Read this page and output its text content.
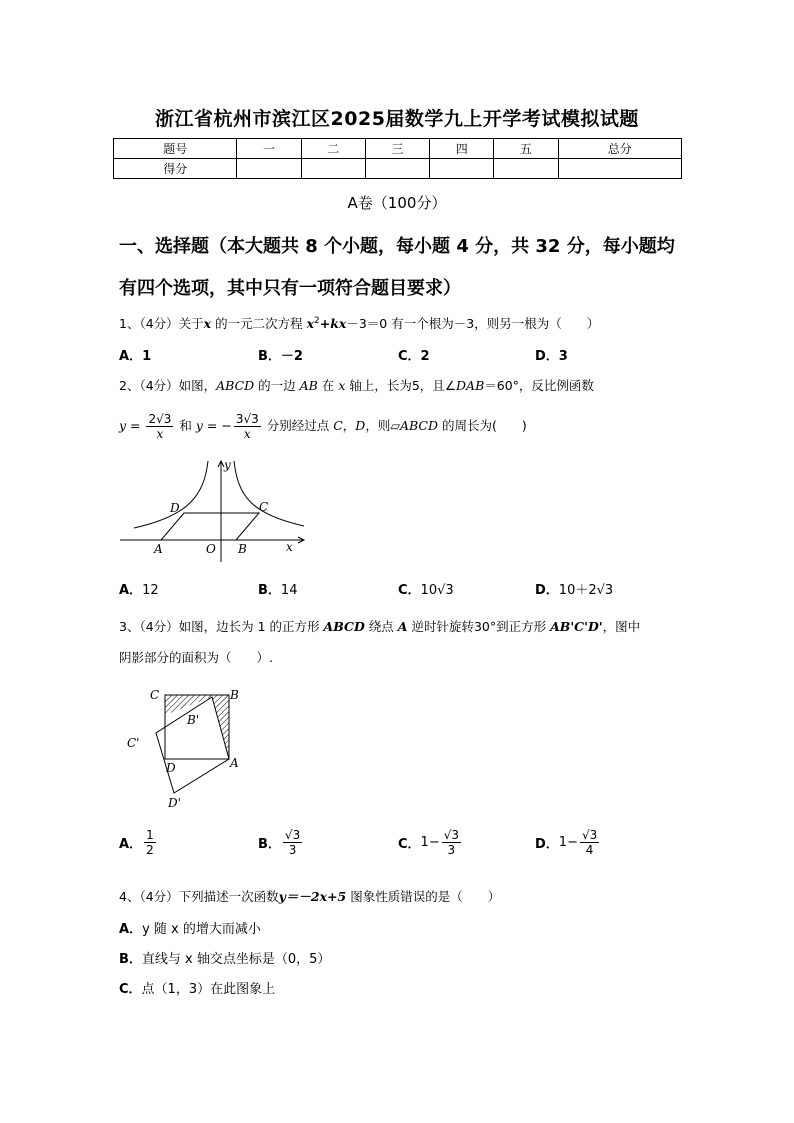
浙江省杭州市滨江区2025届数学九上开学考试模拟试题
题号	一	二	三	四	五	总分
得分						
A卷（100分）
一、选择题（本大题共 8 个小题，每小题 4 分，共 32 分，每小题均
有四个选项，其中只有一项符合题目要求）
1、（4分）关于x 的一元二次方程 $x^2+kx-3=0$ 有一个根为－3，则另一根为（　　）
A．1	B．－2	C．2	D．3
2、（4分）如图，ABCD 的一边 AB 在 x 轴上，长为5，且∠DAB＝60°，反比例函数
$y = \frac{2√3}{x}$ 和 y = − $\frac{3√3}{x}$ 分别经过点 C，D，则▱ABCD 的周长为(　　)
y
x
O
A	B
C
D
A．12	B．14	C．10√3	D．10＋2√3
3、（4分）如图，边长为 1 的正方形 ABCD 绕点 A 逆时针旋转30°到正方形 AB'C'D'，图中
阴影部分的面积为（　　）.
C	B
B'
C'
D	A
D'
A． $\frac{1}{2}$	B． $\frac{√3}{3}$	C．$1- \frac{√3}{3}$	D．$1- \frac{√3}{4}$
4、（4分）下列描述一次函数y＝－2x+5 图象性质错误的是（　　）
A．y 随 x 的增大而减小
B．直线与 x 轴交点坐标是（0，5）
C．点（1，3）在此图象上
